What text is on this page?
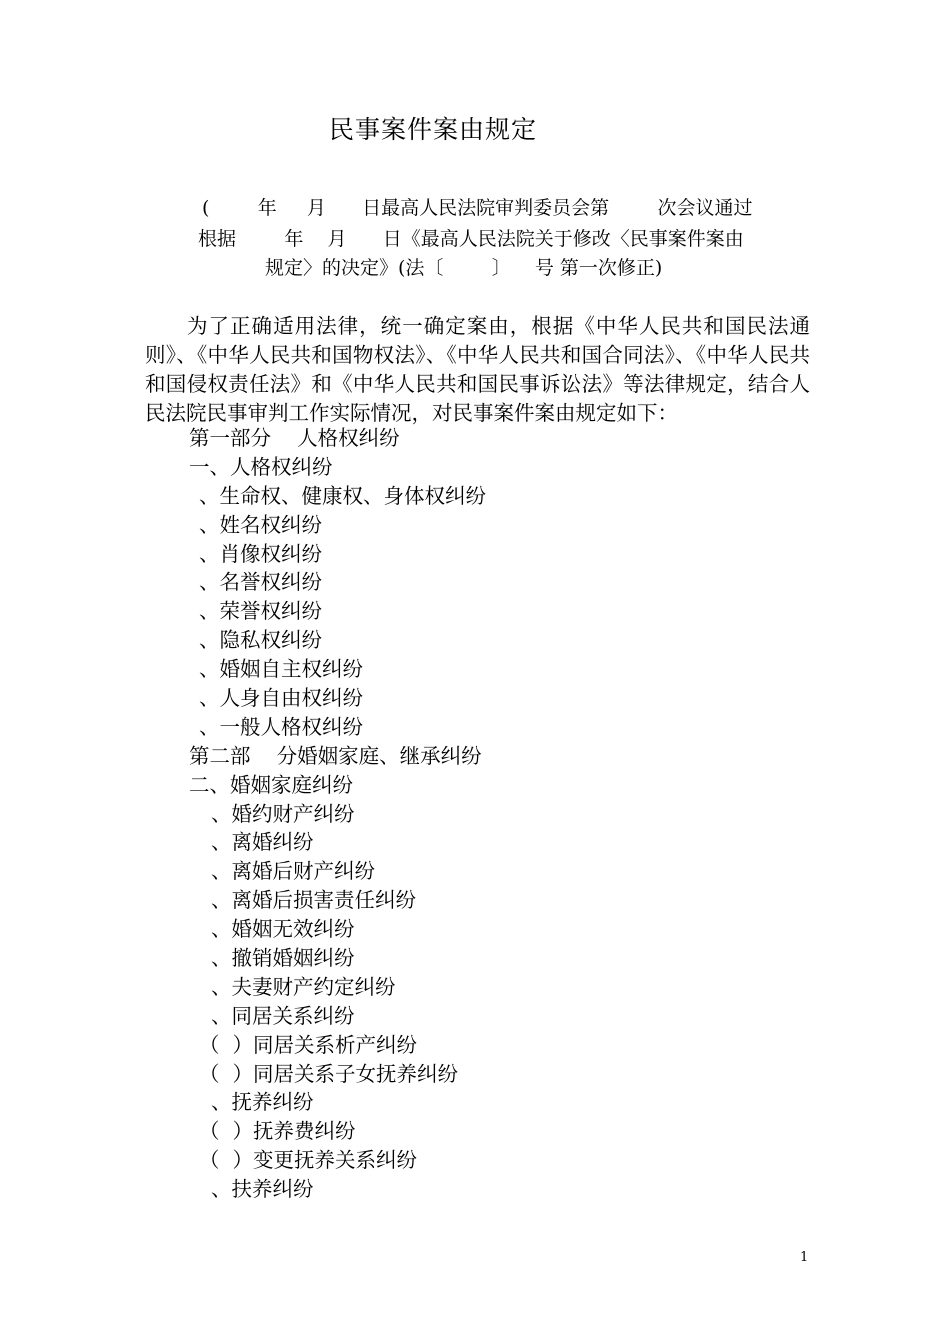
民事案件案由规定
(        年     月      日最高人民法院审判委员会第        次会议通过
根据        年    月      日《最高人民法院关于修改〈民事案件案由
规定〉的决定》(法〔        〕    号 第一次修正)
为了正确适用法律，统一确定案由，根据《中华人民共和国民法通则》、《中华人民共和国物权法》、《中华人民共和国合同法》、《中华人民共和国侵权责任法》和《中华人民共和国民事诉讼法》等法律规定，结合人民法院民事审判工作实际情况，对民事案件案由规定如下：
第一部分    人格权纠纷
一、人格权纠纷
、生命权、健康权、身体权纠纷
、姓名权纠纷
、肖像权纠纷
、名誉权纠纷
、荣誉权纠纷
、隐私权纠纷
、婚姻自主权纠纷
、人身自由权纠纷
、一般人格权纠纷
第二部    分婚姻家庭、继承纠纷
二、婚姻家庭纠纷
、婚约财产纠纷
、离婚纠纷
、离婚后财产纠纷
、离婚后损害责任纠纷
、婚姻无效纠纷
、撤销婚姻纠纷
、夫妻财产约定纠纷
、同居关系纠纷
（  ）同居关系析产纠纷
（  ）同居关系子女抚养纠纷
、抚养纠纷
（  ）抚养费纠纷
（  ）变更抚养关系纠纷
、扶养纠纷
1
